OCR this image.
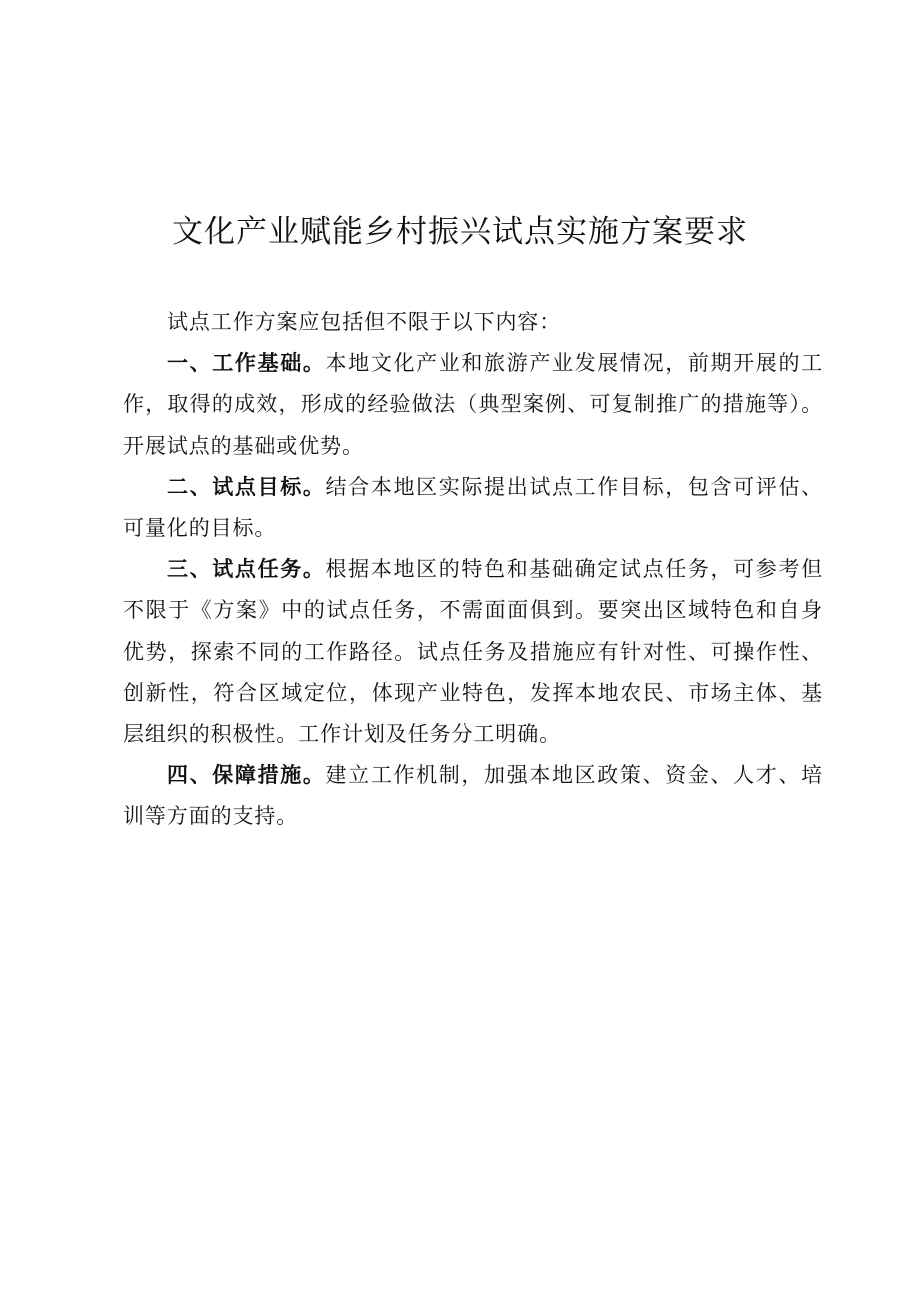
文化产业赋能乡村振兴试点实施方案要求

试点工作方案应包括但不限于以下内容：

一、工作基础。本地文化产业和旅游产业发展情况，前期开展的工作，取得的成效，形成的经验做法（典型案例、可复制推广的措施等）。开展试点的基础或优势。

二、试点目标。结合本地区实际提出试点工作目标，包含可评估、可量化的目标。

三、试点任务。根据本地区的特色和基础确定试点任务，可参考但不限于《方案》中的试点任务，不需面面俱到。要突出区域特色和自身优势，探索不同的工作路径。试点任务及措施应有针对性、可操作性、创新性，符合区域定位，体现产业特色，发挥本地农民、市场主体、基层组织的积极性。工作计划及任务分工明确。

四、保障措施。建立工作机制，加强本地区政策、资金、人才、培训等方面的支持。
